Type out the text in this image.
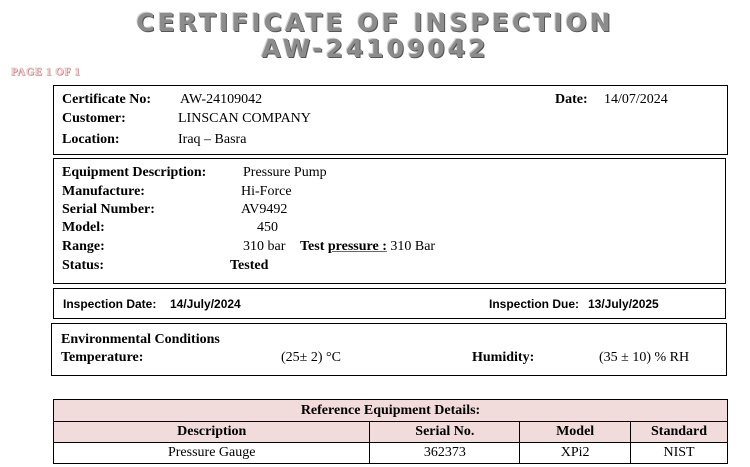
CERTIFICATE OF INSPECTION
AW-24109042
PAGE 1 OF 1
Certificate No: AW-24109042	Date: 14/07/2024
Customer:	LINSCAN COMPANY
Location:	Iraq – Basra
Equipment Description:	Pressure Pump
Manufacture:	Hi-Force
Serial Number:	AV9492
Model:	450
Range:	310 bar Test pressure : 310 Bar
Status:	Tested
Inspection Date: 14/July/2024	Inspection Due: 13/July/2025
Environmental Conditions
Temperature:	(25± 2) °C	Humidity:	(35 ± 10) % RH
Reference Equipment Details:			
Description	Serial No.	Model	Standard
Pressure Gauge	362373	XPi2	NIST
